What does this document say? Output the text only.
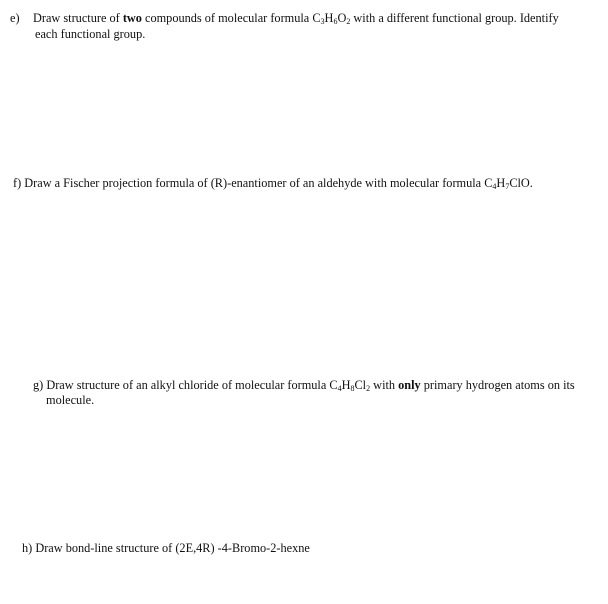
e) Draw structure of two compounds of molecular formula $C_3H_6O_2$ with a different functional group. Identify
each functional group.
f) Draw a Fischer projection formula of (R)-enantiomer of an aldehyde with molecular formula $C_4H_7ClO$.
g) Draw structure of an alkyl chloride of molecular formula $C_4H_8Cl_2$ with only primary hydrogen atoms on its
molecule.
h) Draw bond-line structure of (2E,4R) -4-Bromo-2-hexne
